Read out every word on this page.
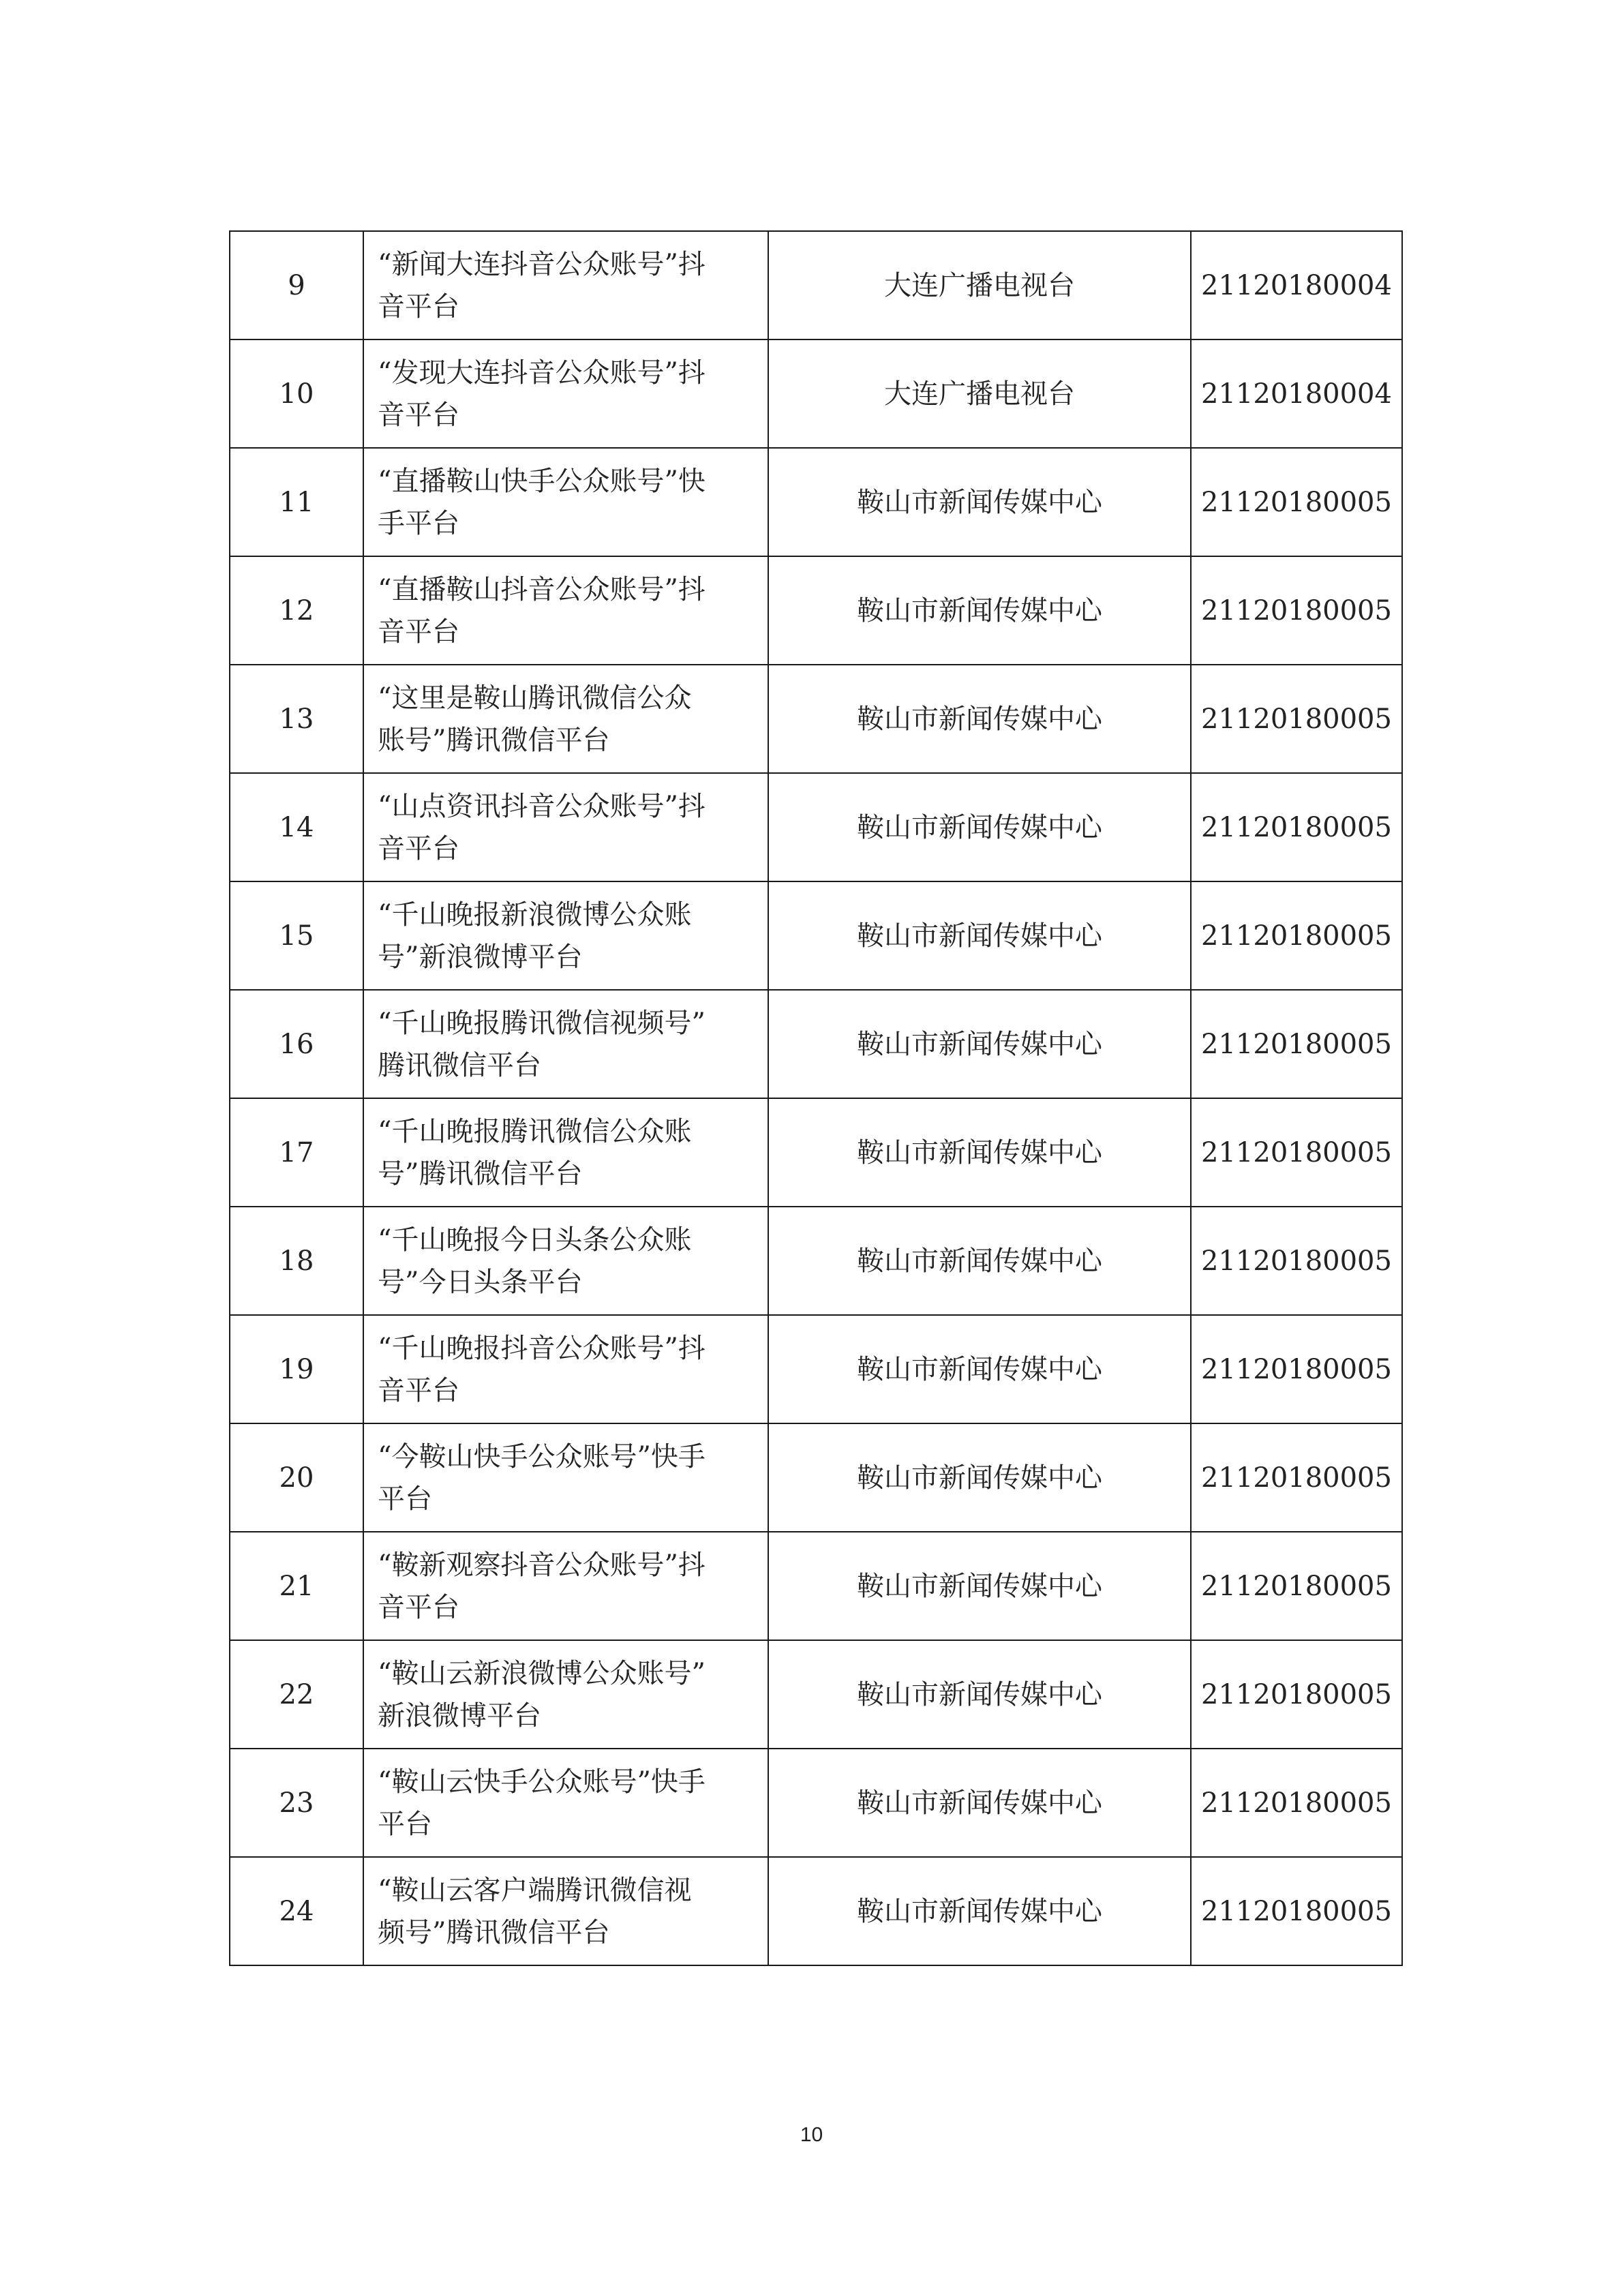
9	“新闻大连抖音公众账号”抖
音平台	大连广播电视台	21120180004
10	“发现大连抖音公众账号”抖
音平台	大连广播电视台	21120180004
11	“直播鞍山快手公众账号”快
手平台	鞍山市新闻传媒中心	21120180005
12	“直播鞍山抖音公众账号”抖
音平台	鞍山市新闻传媒中心	21120180005
13	“这里是鞍山腾讯微信公众
账号”腾讯微信平台	鞍山市新闻传媒中心	21120180005
14	“山点资讯抖音公众账号”抖
音平台	鞍山市新闻传媒中心	21120180005
15	“千山晚报新浪微博公众账
号”新浪微博平台	鞍山市新闻传媒中心	21120180005
16	“千山晚报腾讯微信视频号”
腾讯微信平台	鞍山市新闻传媒中心	21120180005
17	“千山晚报腾讯微信公众账
号”腾讯微信平台	鞍山市新闻传媒中心	21120180005
18	“千山晚报今日头条公众账
号”今日头条平台	鞍山市新闻传媒中心	21120180005
19	“千山晚报抖音公众账号”抖
音平台	鞍山市新闻传媒中心	21120180005
20	“今鞍山快手公众账号”快手
平台	鞍山市新闻传媒中心	21120180005
21	“鞍新观察抖音公众账号”抖
音平台	鞍山市新闻传媒中心	21120180005
22	“鞍山云新浪微博公众账号”
新浪微博平台	鞍山市新闻传媒中心	21120180005
23	“鞍山云快手公众账号”快手
平台	鞍山市新闻传媒中心	21120180005
24	“鞍山云客户端腾讯微信视
频号”腾讯微信平台	鞍山市新闻传媒中心	21120180005
10
